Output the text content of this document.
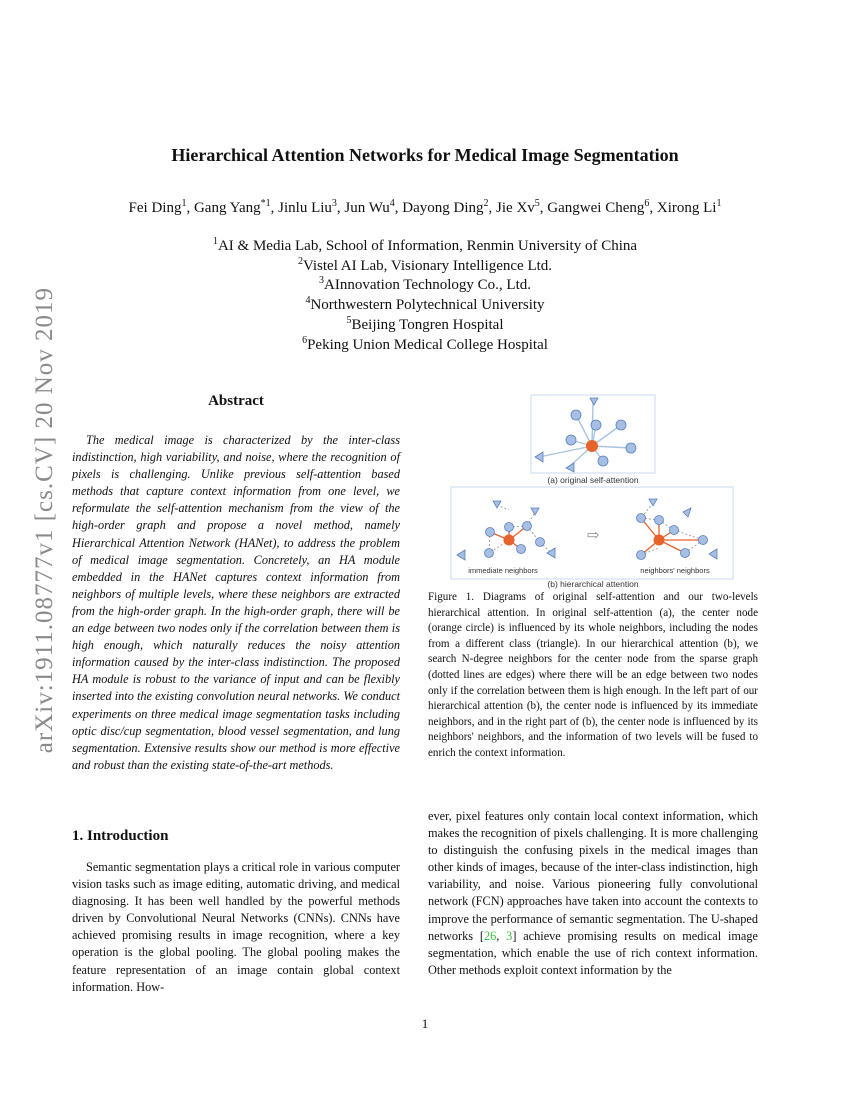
arXiv:1911.08777v1 [cs.CV] 20 Nov 2019
Hierarchical Attention Networks for Medical Image Segmentation
Fei Ding$^1$, Gang Yang$^{*1}$, Jinlu Liu$^3$, Jun Wu$^4$, Dayong Ding$^2$, Jie Xv$^5$, Gangwei Cheng$^6$, Xirong Li$^1$
$^1$AI & Media Lab, School of Information, Renmin University of China
$^2$Vistel AI Lab, Visionary Intelligence Ltd.
$^3$AInnovation Technology Co., Ltd.
$^4$Northwestern Polytechnical University
$^5$Beijing Tongren Hospital
$^6$Peking Union Medical College Hospital
Abstract

The medical image is characterized by the inter-class indistinction, high variability, and noise, where the recognition of pixels is challenging. Unlike previous self-attention based methods that capture context information from one level, we reformulate the self-attention mechanism from the view of the high-order graph and propose a novel method, namely Hierarchical Attention Network (HANet), to address the problem of medical image segmentation. Concretely, an HA module embedded in the HANet captures context information from neighbors of multiple levels, where these neighbors are extracted from the high-order graph. In the high-order graph, there will be an edge between two nodes only if the correlation between them is high enough, which naturally reduces the noisy attention information caused by the inter-class indistinction. The proposed HA module is robust to the variance of input and can be flexibly inserted into the existing convolution neural networks. We conduct experiments on three medical image segmentation tasks including optic disc/cup segmentation, blood vessel segmentation, and lung segmentation. Extensive results show our method is more effective and robust than the existing state-of-the-art methods.

(a) original self-attention
immediate neighbors
⇨
neighbors' neighbors
(b) hierarchical attention

Figure 1. Diagrams of original self-attention and our two-levels hierarchical attention. In original self-attention (a), the center node (orange circle) is influenced by its whole neighbors, including the nodes from a different class (triangle). In our hierarchical attention (b), we search N-degree neighbors for the center node from the sparse graph (dotted lines are edges) where there will be an edge between two nodes only if the correlation between them is high enough. In the left part of our hierarchical attention (b), the center node is influenced by its immediate neighbors, and in the right part of (b), the center node is influenced by its neighbors' neighbors, and the information of two levels will be fused to enrich the context information.

1. Introduction

Semantic segmentation plays a critical role in various computer vision tasks such as image editing, automatic driving, and medical diagnosing. It has been well handled by the powerful methods driven by Convolutional Neural Networks (CNNs). CNNs have achieved promising results in image recognition, where a key operation is the global pooling. The global pooling makes the feature representation of an image contain global context information. How-

ever, pixel features only contain local context information, which makes the recognition of pixels challenging. It is more challenging to distinguish the confusing pixels in the medical images than other kinds of images, because of the inter-class indistinction, high variability, and noise. Various pioneering fully convolutional network (FCN) approaches have taken into account the contexts to improve the performance of semantic segmentation. The U-shaped networks [26, 3] achieve promising results on medical image segmentation, which enable the use of rich context information. Other methods exploit context information by the

1
